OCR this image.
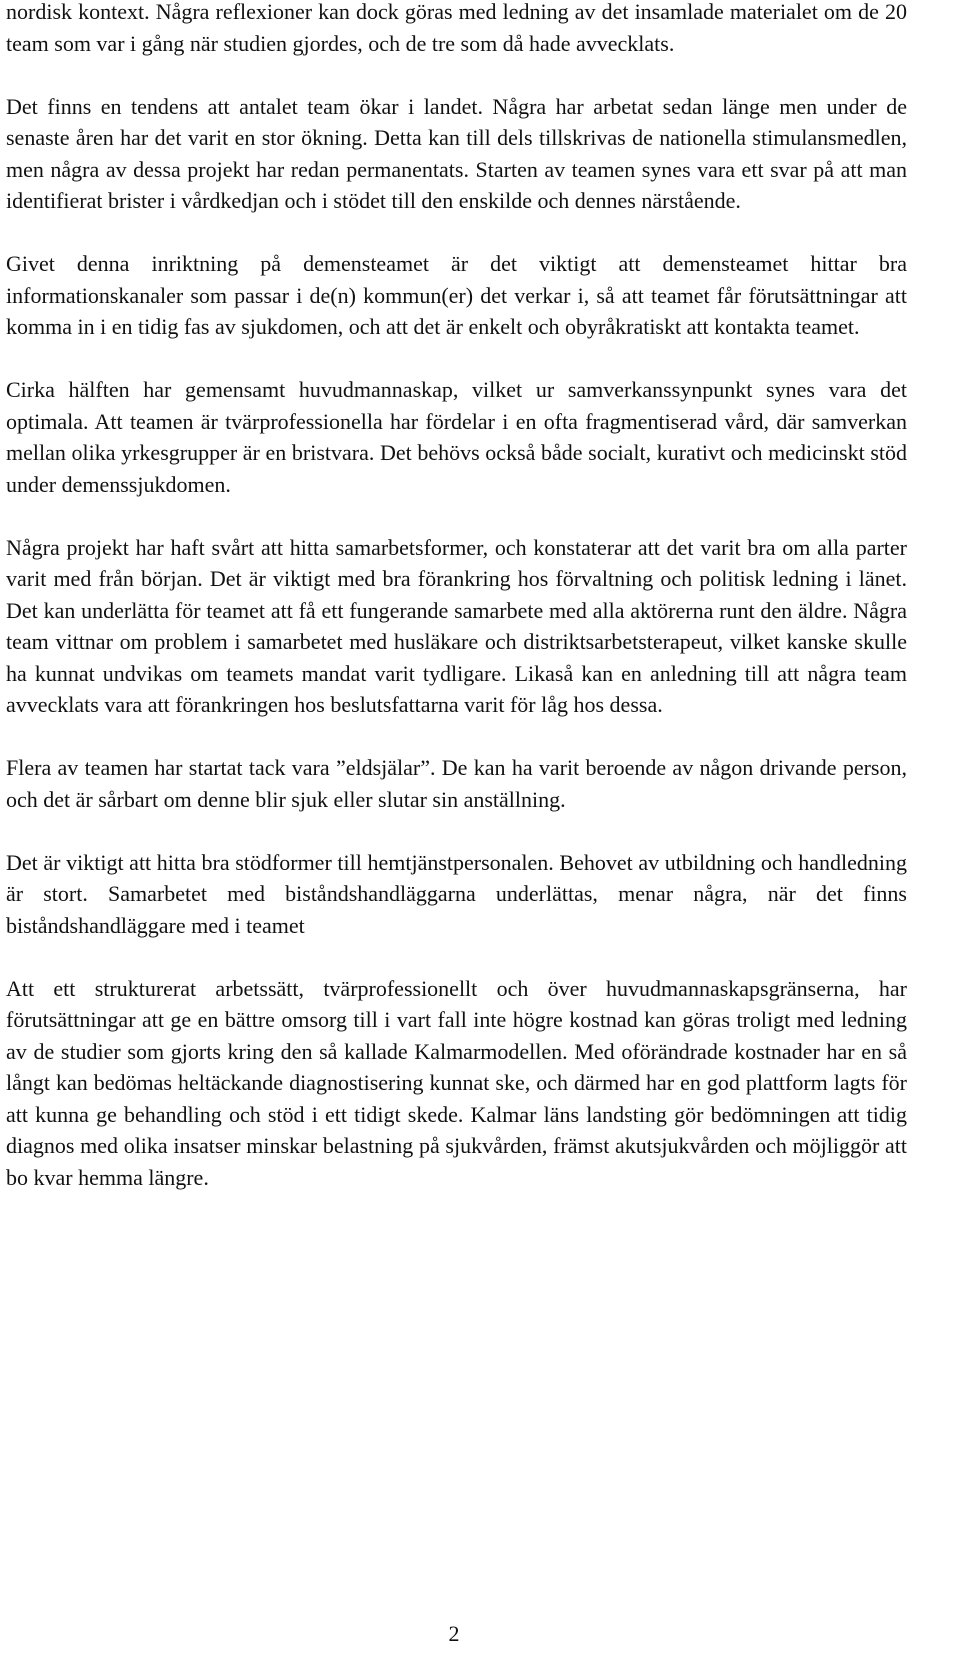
nordisk kontext. Några reflexioner kan dock göras med ledning av det insamlade materialet om de 20 team som var i gång när studien gjordes, och de tre som då hade avvecklats.

Det finns en tendens att antalet team ökar i landet. Några har arbetat sedan länge men under de senaste åren har det varit en stor ökning. Detta kan till dels tillskrivas de nationella stimulansmedlen, men några av dessa projekt har redan permanentats. Starten av teamen synes vara ett svar på att man identifierat brister i vårdkedjan och i stödet till den enskilde och dennes närstående.

Givet denna inriktning på demensteamet är det viktigt att demensteamet hittar bra informationskanaler som passar i de(n) kommun(er) det verkar i, så att teamet får förutsättningar att komma in i en tidig fas av sjukdomen, och att det är enkelt och obyråkratiskt att kontakta teamet.

Cirka hälften har gemensamt huvudmannaskap, vilket ur samverkanssynpunkt synes vara det optimala. Att teamen är tvärprofessionella har fördelar i en ofta fragmentiserad vård, där samverkan mellan olika yrkesgrupper är en bristvara. Det behövs också både socialt, kurativt och medicinskt stöd under demenssjukdomen.

Några projekt har haft svårt att hitta samarbetsformer, och konstaterar att det varit bra om alla parter varit med från början. Det är viktigt med bra förankring hos förvaltning och politisk ledning i länet. Det kan underlätta för teamet att få ett fungerande samarbete med alla aktörerna runt den äldre. Några team vittnar om problem i samarbetet med husläkare och distriktsarbetsterapeut, vilket kanske skulle ha kunnat undvikas om teamets mandat varit tydligare. Likaså kan en anledning till att några team avvecklats vara att förankringen hos beslutsfattarna varit för låg hos dessa.

Flera av teamen har startat tack vara ”eldsjälar”. De kan ha varit beroende av någon drivande person, och det är sårbart om denne blir sjuk eller slutar sin anställning.

Det är viktigt att hitta bra stödformer till hemtjänstpersonalen. Behovet av utbildning och handledning är stort. Samarbetet med biståndshandläggarna underlättas, menar några, när det finns biståndshandläggare med i teamet

Att ett strukturerat arbetssätt, tvärprofessionellt och över huvudmannaskapsgränserna, har förutsättningar att ge en bättre omsorg till i vart fall inte högre kostnad kan göras troligt med ledning av de studier som gjorts kring den så kallade Kalmarmodellen. Med oförändrade kostnader har en så långt kan bedömas heltäckande diagnostisering kunnat ske, och därmed har en god plattform lagts för att kunna ge behandling och stöd i ett tidigt skede. Kalmar läns landsting gör bedömningen att tidig diagnos med olika insatser minskar belastning på sjukvården, främst akutsjukvården och möjliggör att bo kvar hemma längre.

2
